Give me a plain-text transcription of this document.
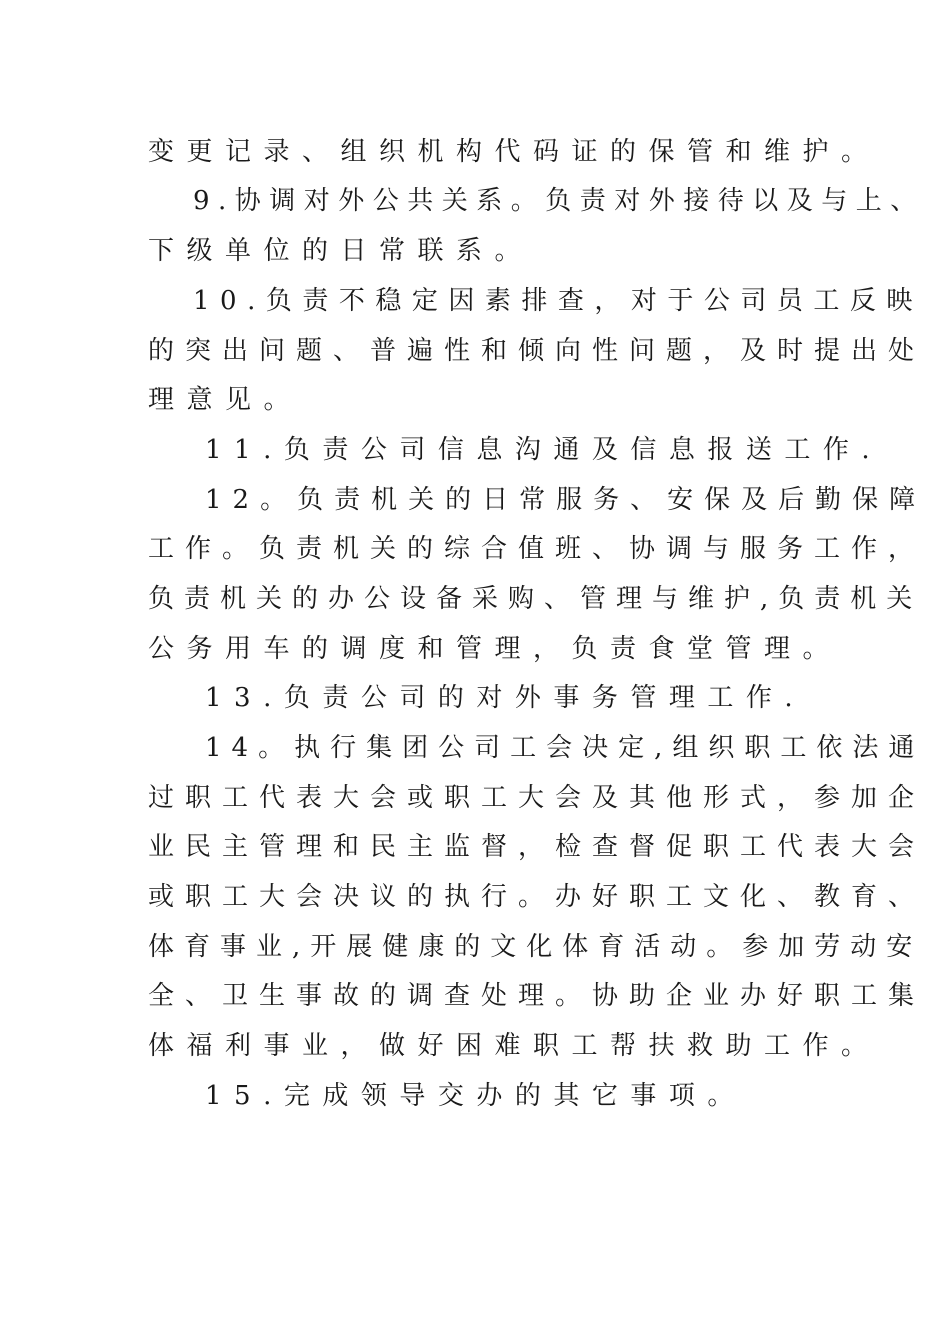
变更记录、组织机构代码证的保管和维护。
9.协调对外公共关系。负责对外接待以及与上、
下级单位的日常联系。
10.负责不稳定因素排查，对于公司员工反映
的突出问题、普遍性和倾向性问题，及时提出处
理意见。
11.负责公司信息沟通及信息报送工作.
12。负责机关的日常服务、安保及后勤保障
工作。负责机关的综合值班、协调与服务工作，
负责机关的办公设备采购、管理与维护,负责机关
公务用车的调度和管理，负责食堂管理。
13.负责公司的对外事务管理工作.
14。执行集团公司工会决定,组织职工依法通
过职工代表大会或职工大会及其他形式，参加企
业民主管理和民主监督，检查督促职工代表大会
或职工大会决议的执行。办好职工文化、教育、
体育事业,开展健康的文化体育活动。参加劳动安
全、卫生事故的调查处理。协助企业办好职工集
体福利事业，做好困难职工帮扶救助工作。
15.完成领导交办的其它事项。
